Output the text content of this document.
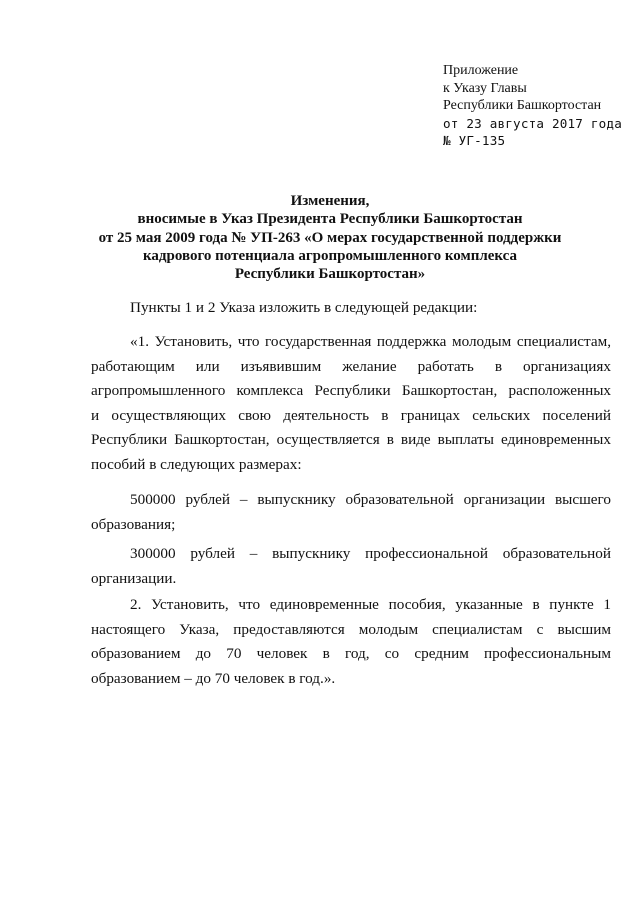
Приложение
к Указу Главы
Республики Башкортостан
от 23 августа 2017 года
№ УГ-135
Изменения,
вносимые в Указ Президента Республики Башкортостан
от 25 мая 2009 года № УП-263 «О мерах государственной поддержки
кадрового потенциала агропромышленного комплекса
Республики Башкортостан»

Пункты 1 и 2 Указа изложить в следующей редакции:

«1. Установить, что государственная поддержка молодым специалистам,
работающим или изъявившим желание работать в организациях
агропромышленного комплекса Республики Башкортостан, расположенных
и осуществляющих свою деятельность в границах сельских поселений
Республики Башкортостан, осуществляется в виде выплаты единовременных
пособий в следующих размерах:
500000 рублей – выпускнику образовательной организации высшего
образования;
300000 рублей – выпускнику профессиональной образовательной
организации.
2. Установить, что единовременные пособия, указанные в пункте 1
настоящего Указа, предоставляются молодым специалистам с высшим
образованием до 70 человек в год, со средним профессиональным
образованием – до 70 человек в год.».
